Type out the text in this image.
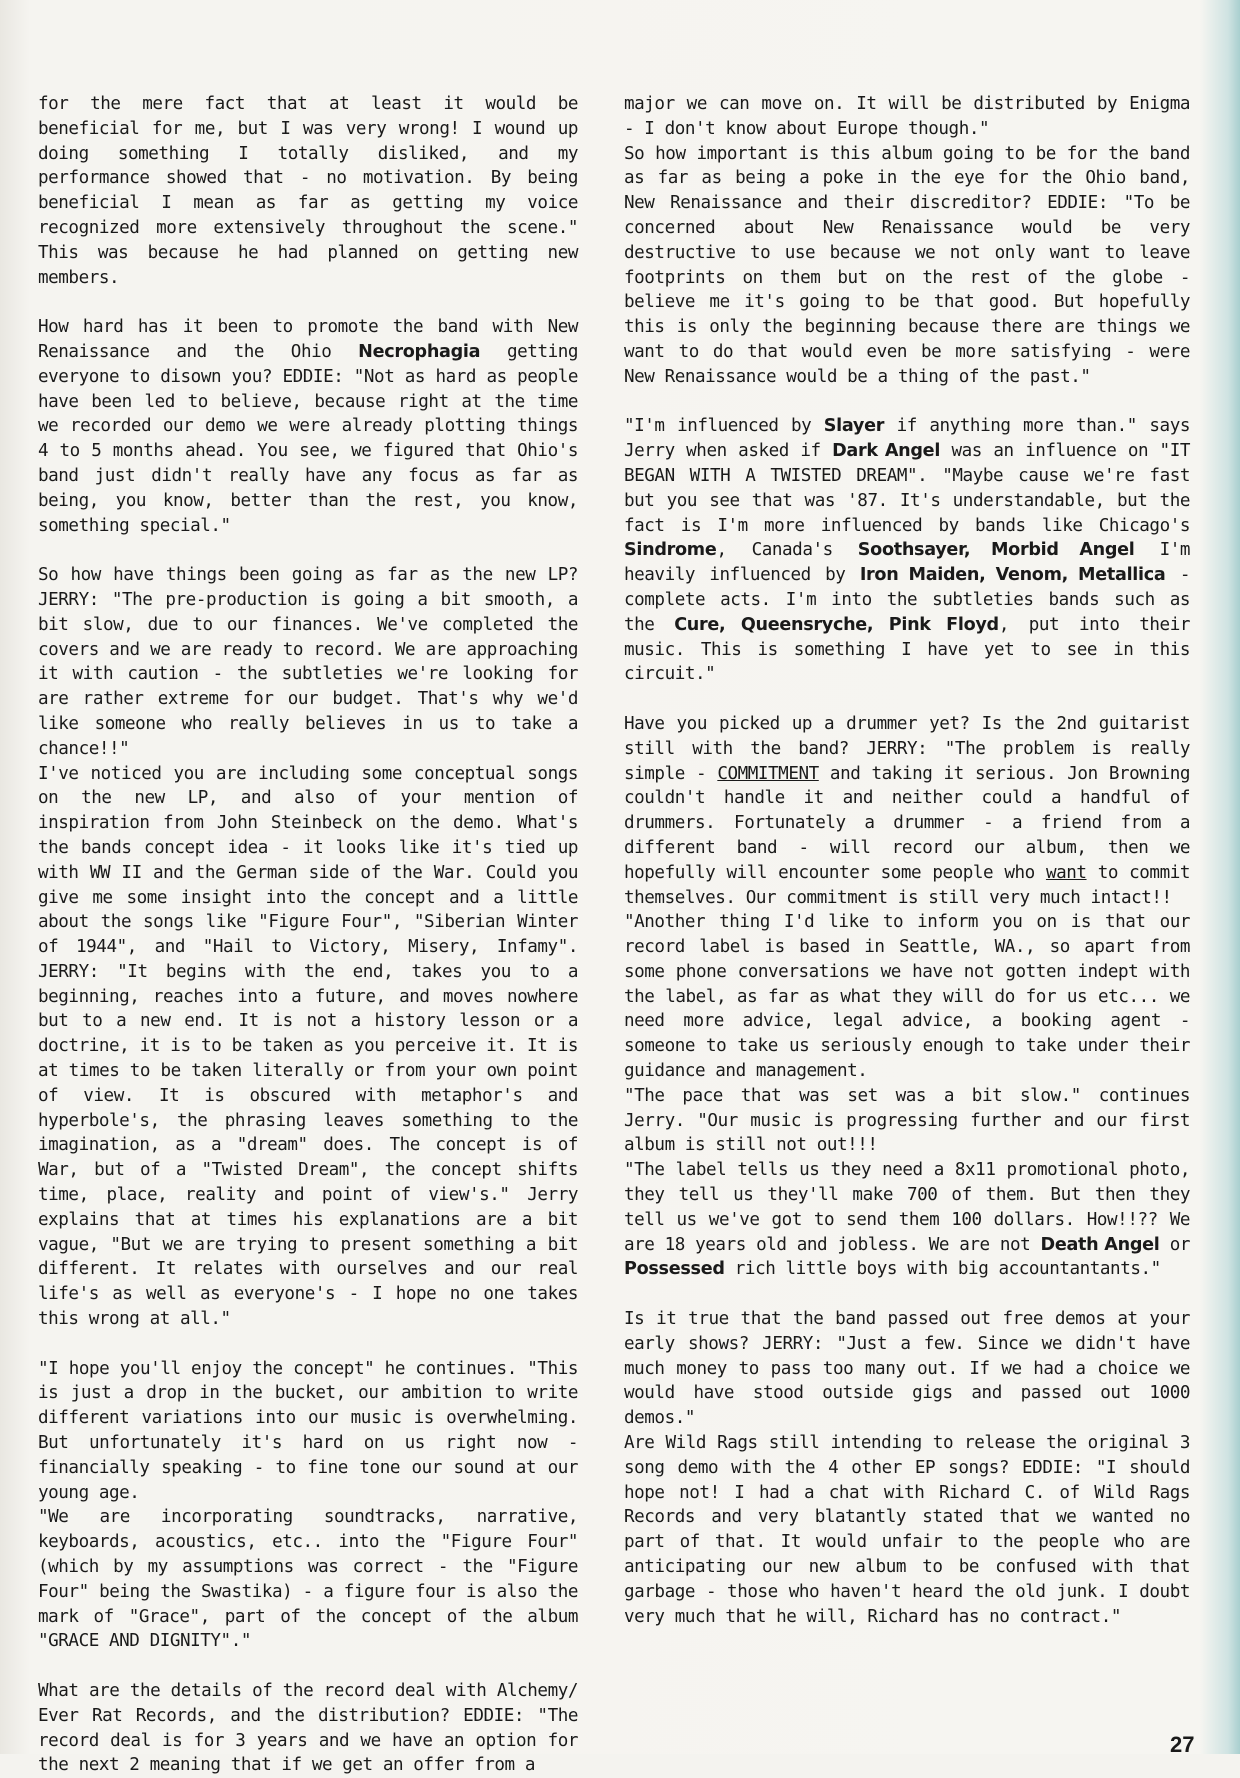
for the mere fact that at least it would be beneficial for me, but I was very wrong! I wound up doing something I totally disliked, and my performance showed that - no motivation. By being beneficial I mean as far as getting my voice recognized more extensively throughout the scene." This was because he had planned on getting new members.

How hard has it been to promote the band with New Renaissance and the Ohio Necrophagia getting everyone to disown you? EDDIE: "Not as hard as people have been led to believe, because right at the time we recorded our demo we were already plotting things 4 to 5 months ahead. You see, we figured that Ohio's band just didn't really have any focus as far as being, you know, better than the rest, you know, something special."

So how have things been going as far as the new LP? JERRY: "The pre-production is going a bit smooth, a bit slow, due to our finances. We've completed the covers and we are ready to record. We are approaching it with caution - the subtleties we're looking for are rather extreme for our budget. That's why we'd like someone who really believes in us to take a chance!!"

I've noticed you are including some conceptual songs on the new LP, and also of your mention of inspiration from John Steinbeck on the demo. What's the bands concept idea - it looks like it's tied up with WW II and the German side of the War. Could you give me some insight into the concept and a little about the songs like "Figure Four", "Siberian Winter of 1944", and "Hail to Victory, Misery, Infamy". JERRY: "It begins with the end, takes you to a beginning, reaches into a future, and moves nowhere but to a new end. It is not a history lesson or a doctrine, it is to be taken as you perceive it. It is at times to be taken literally or from your own point of view. It is obscured with metaphor's and hyperbole's, the phrasing leaves something to the imagination, as a "dream" does. The concept is of War, but of a "Twisted Dream", the concept shifts time, place, reality and point of view's." Jerry explains that at times his explanations are a bit vague, "But we are trying to present something a bit different. It relates with ourselves and our real life's as well as everyone's - I hope no one takes this wrong at all."

"I hope you'll enjoy the concept" he continues. "This is just a drop in the bucket, our ambition to write different variations into our music is overwhelming. But unfortunately it's hard on us right now - financially speaking - to fine tone our sound at our young age.

"We are incorporating soundtracks, narrative, keyboards, acoustics, etc.. into the "Figure Four" (which by my assumptions was correct - the "Figure Four" being the Swastika) - a figure four is also the mark of "Grace", part of the concept of the album "GRACE AND DIGNITY"."

What are the details of the record deal with Alchemy/ Ever Rat Records, and the distribution? EDDIE: "The record deal is for 3 years and we have an option for the next 2 meaning that if we get an offer from a

major we can move on. It will be distributed by Enigma - I don't know about Europe though."

So how important is this album going to be for the band as far as being a poke in the eye for the Ohio band, New Renaissance and their discreditor? EDDIE: "To be concerned about New Renaissance would be very destructive to use because we not only want to leave footprints on them but on the rest of the globe - believe me it's going to be that good. But hopefully this is only the beginning because there are things we want to do that would even be more satisfying - were New Renaissance would be a thing of the past."

"I'm influenced by Slayer if anything more than." says Jerry when asked if Dark Angel was an influence on "IT BEGAN WITH A TWISTED DREAM". "Maybe cause we're fast but you see that was '87. It's understandable, but the fact is I'm more influenced by bands like Chicago's Sindrome, Canada's Soothsayer, Morbid Angel I'm heavily influenced by Iron Maiden, Venom, Metallica - complete acts. I'm into the subtleties bands such as the Cure, Queensryche, Pink Floyd, put into their music. This is something I have yet to see in this circuit."

Have you picked up a drummer yet? Is the 2nd guitarist still with the band? JERRY: "The problem is really simple - COMMITMENT and taking it serious. Jon Browning couldn't handle it and neither could a handful of drummers. Fortunately a drummer - a friend from a different band - will record our album, then we hopefully will encounter some people who want to commit themselves. Our commitment is still very much intact!!

"Another thing I'd like to inform you on is that our record label is based in Seattle, WA., so apart from some phone conversations we have not gotten indept with the label, as far as what they will do for us etc... we need more advice, legal advice, a booking agent - someone to take us seriously enough to take under their guidance and management.

"The pace that was set was a bit slow." continues Jerry. "Our music is progressing further and our first album is still not out!!!

"The label tells us they need a 8x11 promotional photo, they tell us they'll make 700 of them. But then they tell us we've got to send them 100 dollars. How!!?? We are 18 years old and jobless. We are not Death Angel or Possessed rich little boys with big accountantants."

Is it true that the band passed out free demos at your early shows? JERRY: "Just a few. Since we didn't have much money to pass too many out. If we had a choice we would have stood outside gigs and passed out 1000 demos."

Are Wild Rags still intending to release the original 3 song demo with the 4 other EP songs? EDDIE: "I should hope not! I had a chat with Richard C. of Wild Rags Records and very blatantly stated that we wanted no part of that. It would unfair to the people who are anticipating our new album to be confused with that garbage - those who haven't heard the old junk. I doubt very much that he will, Richard has no contract."

27
